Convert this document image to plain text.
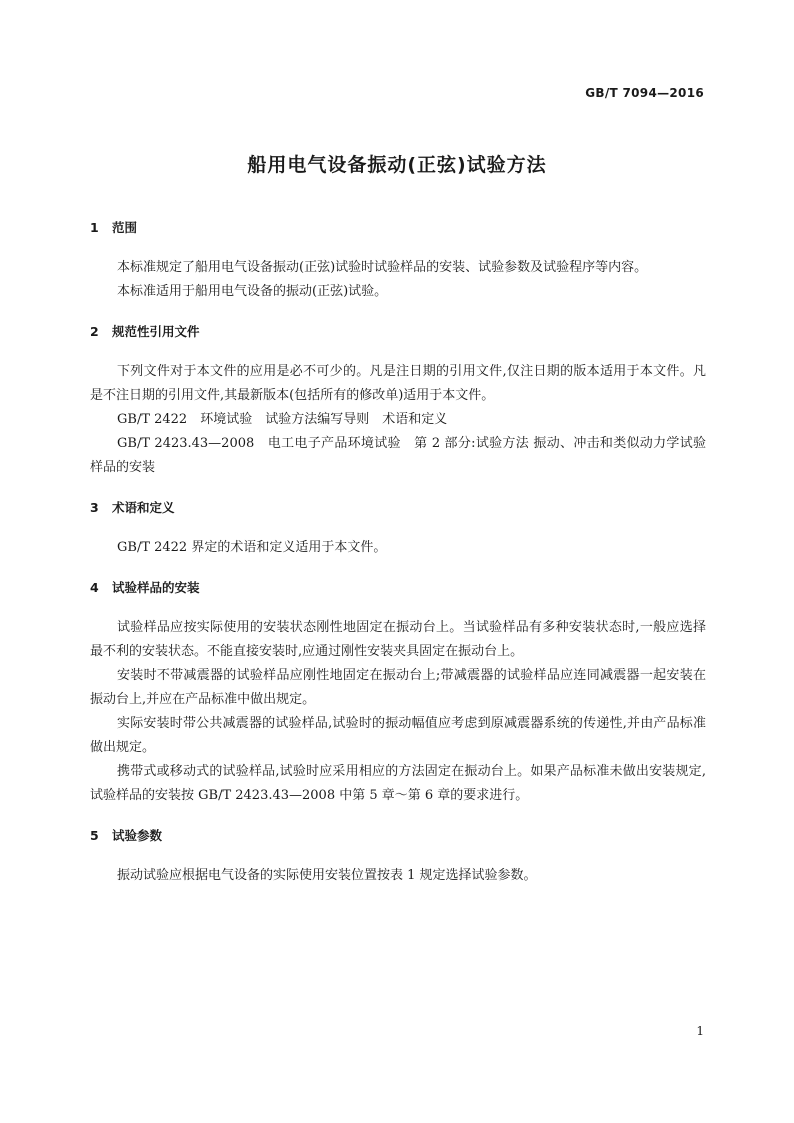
GB/T 7094—2016
船用电气设备振动(正弦)试验方法
1 范围

本标准规定了船用电气设备振动(正弦)试验时试验样品的安装、试验参数及试验程序等内容。

本标准适用于船用电气设备的振动(正弦)试验。

2 规范性引用文件

下列文件对于本文件的应用是必不可少的。凡是注日期的引用文件,仅注日期的版本适用于本文件。凡是不注日期的引用文件,其最新版本(包括所有的修改单)适用于本文件。

GB/T 2422　环境试验　试验方法编写导则　术语和定义

GB/T 2423.43—2008　电工电子产品环境试验　第 2 部分:试验方法 振动、冲击和类似动力学试验样品的安装

3 术语和定义

GB/T 2422 界定的术语和定义适用于本文件。

4 试验样品的安装

试验样品应按实际使用的安装状态刚性地固定在振动台上。当试验样品有多种安装状态时,一般应选择最不利的安装状态。不能直接安装时,应通过刚性安装夹具固定在振动台上。

安装时不带减震器的试验样品应刚性地固定在振动台上;带减震器的试验样品应连同减震器一起安装在振动台上,并应在产品标准中做出规定。

实际安装时带公共减震器的试验样品,试验时的振动幅值应考虑到原减震器系统的传递性,并由产品标准做出规定。

携带式或移动式的试验样品,试验时应采用相应的方法固定在振动台上。如果产品标准未做出安装规定,试验样品的安装按 GB/T 2423.43—2008 中第 5 章～第 6 章的要求进行。

5 试验参数

振动试验应根据电气设备的实际使用安装位置按表 1 规定选择试验参数。

1
